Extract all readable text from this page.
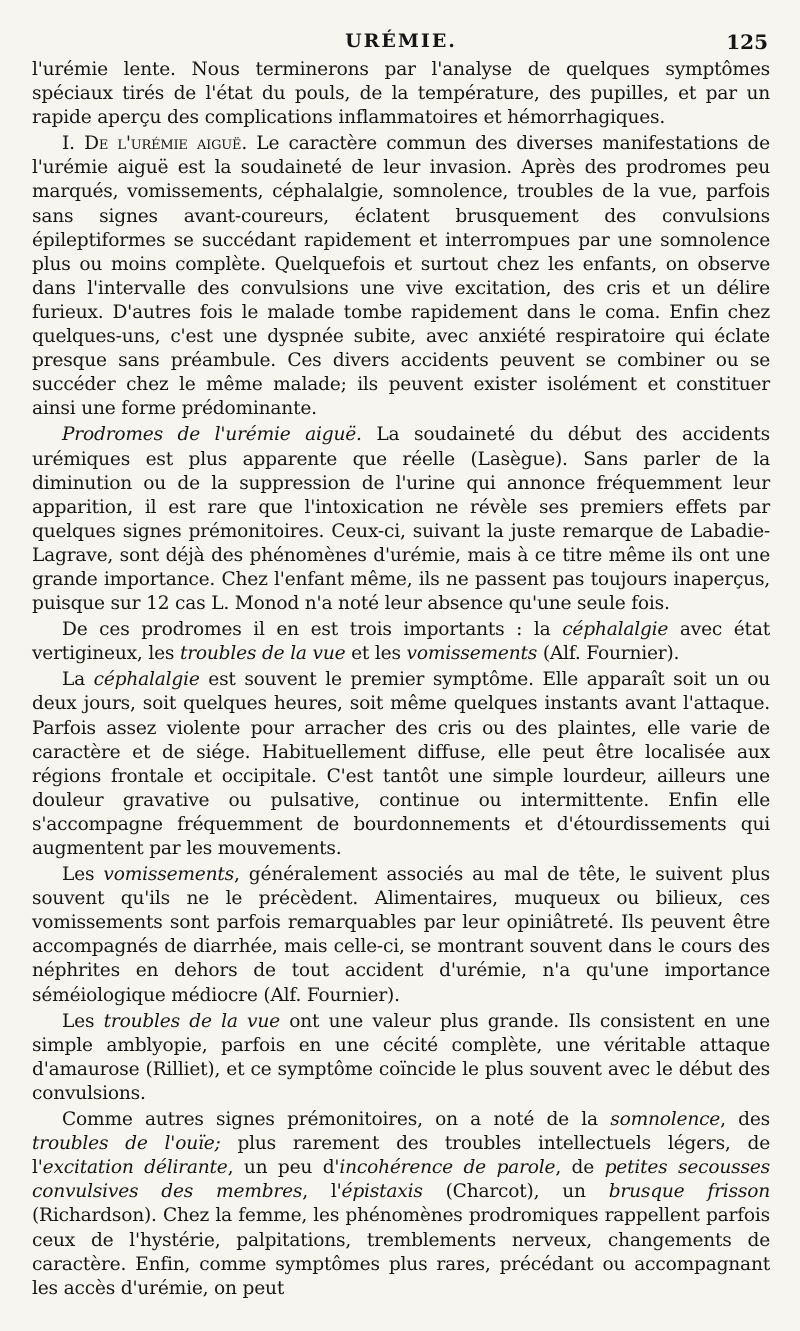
URÉMIE.	125

l'urémie lente. Nous terminerons par l'analyse de quelques symptômes spéciaux tirés de l'état du pouls, de la température, des pupilles, et par un rapide aperçu des complications inflammatoires et hémorrhagiques.

I. De l'urémie aiguë. Le caractère commun des diverses manifestations de l'urémie aiguë est la soudaineté de leur invasion. Après des prodromes peu marqués, vomissements, céphalalgie, somnolence, troubles de la vue, parfois sans signes avant-coureurs, éclatent brusquement des convulsions épileptiformes se succédant rapidement et interrompues par une somnolence plus ou moins complète. Quelquefois et surtout chez les enfants, on observe dans l'intervalle des convulsions une vive excitation, des cris et un délire furieux. D'autres fois le malade tombe rapidement dans le coma. Enfin chez quelques-uns, c'est une dyspnée subite, avec anxiété respiratoire qui éclate presque sans préambule. Ces divers accidents peuvent se combiner ou se succéder chez le même malade; ils peuvent exister isolément et constituer ainsi une forme prédominante.

Prodromes de l'urémie aiguë. La soudaineté du début des accidents urémiques est plus apparente que réelle (Lasègue). Sans parler de la diminution ou de la suppression de l'urine qui annonce fréquemment leur apparition, il est rare que l'intoxication ne révèle ses premiers effets par quelques signes prémonitoires. Ceux-ci, suivant la juste remarque de Labadie-Lagrave, sont déjà des phénomènes d'urémie, mais à ce titre même ils ont une grande importance. Chez l'enfant même, ils ne passent pas toujours inaperçus, puisque sur 12 cas L. Monod n'a noté leur absence qu'une seule fois.

De ces prodromes il en est trois importants : la céphalalgie avec état vertigineux, les troubles de la vue et les vomissements (Alf. Fournier).

La céphalalgie est souvent le premier symptôme. Elle apparaît soit un ou deux jours, soit quelques heures, soit même quelques instants avant l'attaque. Parfois assez violente pour arracher des cris ou des plaintes, elle varie de caractère et de siége. Habituellement diffuse, elle peut être localisée aux régions frontale et occipitale. C'est tantôt une simple lourdeur, ailleurs une douleur gravative ou pulsative, continue ou intermittente. Enfin elle s'accompagne fréquemment de bourdonnements et d'étourdissements qui augmentent par les mouvements.

Les vomissements, généralement associés au mal de tête, le suivent plus souvent qu'ils ne le précèdent. Alimentaires, muqueux ou bilieux, ces vomissements sont parfois remarquables par leur opiniâtreté. Ils peuvent être accompagnés de diarrhée, mais celle-ci, se montrant souvent dans le cours des néphrites en dehors de tout accident d'urémie, n'a qu'une importance séméiologique médiocre (Alf. Fournier).

Les troubles de la vue ont une valeur plus grande. Ils consistent en une simple amblyopie, parfois en une cécité complète, une véritable attaque d'amaurose (Rilliet), et ce symptôme coïncide le plus souvent avec le début des convulsions.

Comme autres signes prémonitoires, on a noté de la somnolence, des troubles de l'ouïe; plus rarement des troubles intellectuels légers, de l'excitation délirante, un peu d'incohérence de parole, de petites secousses convulsives des membres, l'épistaxis (Charcot), un brusque frisson (Richardson). Chez la femme, les phénomènes prodromiques rappellent parfois ceux de l'hystérie, palpitations, tremblements nerveux, changements de caractère. Enfin, comme symptômes plus rares, précédant ou accompagnant les accès d'urémie, on peut
